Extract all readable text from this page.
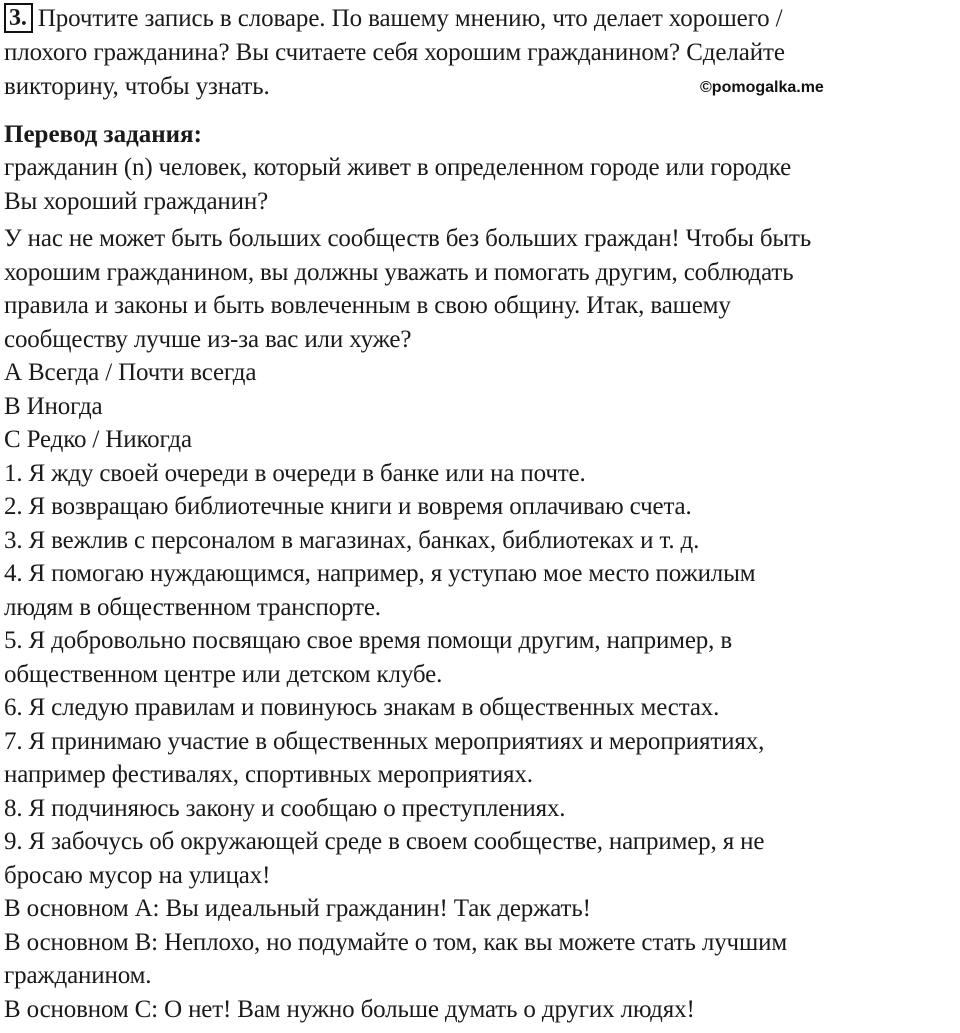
3. Прочтите запись в словаре. По вашему мнению, что делает хорошего /
плохого гражданина? Вы считаете себя хорошим гражданином? Сделайте
викторину, чтобы узнать.
Перевод задания:
гражданин (n) человек, который живет в определенном городе или городке
Вы хороший гражданин?
У нас не может быть больших сообществ без больших граждан! Чтобы быть
хорошим гражданином, вы должны уважать и помогать другим, соблюдать
правила и законы и быть вовлеченным в свою общину. Итак, вашему
сообществу лучше из-за вас или хуже?
А Всегда / Почти всегда
В Иногда
С Редко / Никогда
1. Я жду своей очереди в очереди в банке или на почте.
2. Я возвращаю библиотечные книги и вовремя оплачиваю счета.
3. Я вежлив с персоналом в магазинах, банках, библиотеках и т. д.
4. Я помогаю нуждающимся, например, я уступаю мое место пожилым
людям в общественном транспорте.
5. Я добровольно посвящаю свое время помощи другим, например, в
общественном центре или детском клубе.
6. Я следую правилам и повинуюсь знакам в общественных местах.
7. Я принимаю участие в общественных мероприятиях и мероприятиях,
например фестивалях, спортивных мероприятиях.
8. Я подчиняюсь закону и сообщаю о преступлениях.
9. Я забочусь об окружающей среде в своем сообществе, например, я не
бросаю мусор на улицах!
В основном А: Вы идеальный гражданин! Так держать!
В основном В: Неплохо, но подумайте о том, как вы можете стать лучшим
гражданином.
В основном С: О нет! Вам нужно больше думать о других людях!
©pomogalka.me
